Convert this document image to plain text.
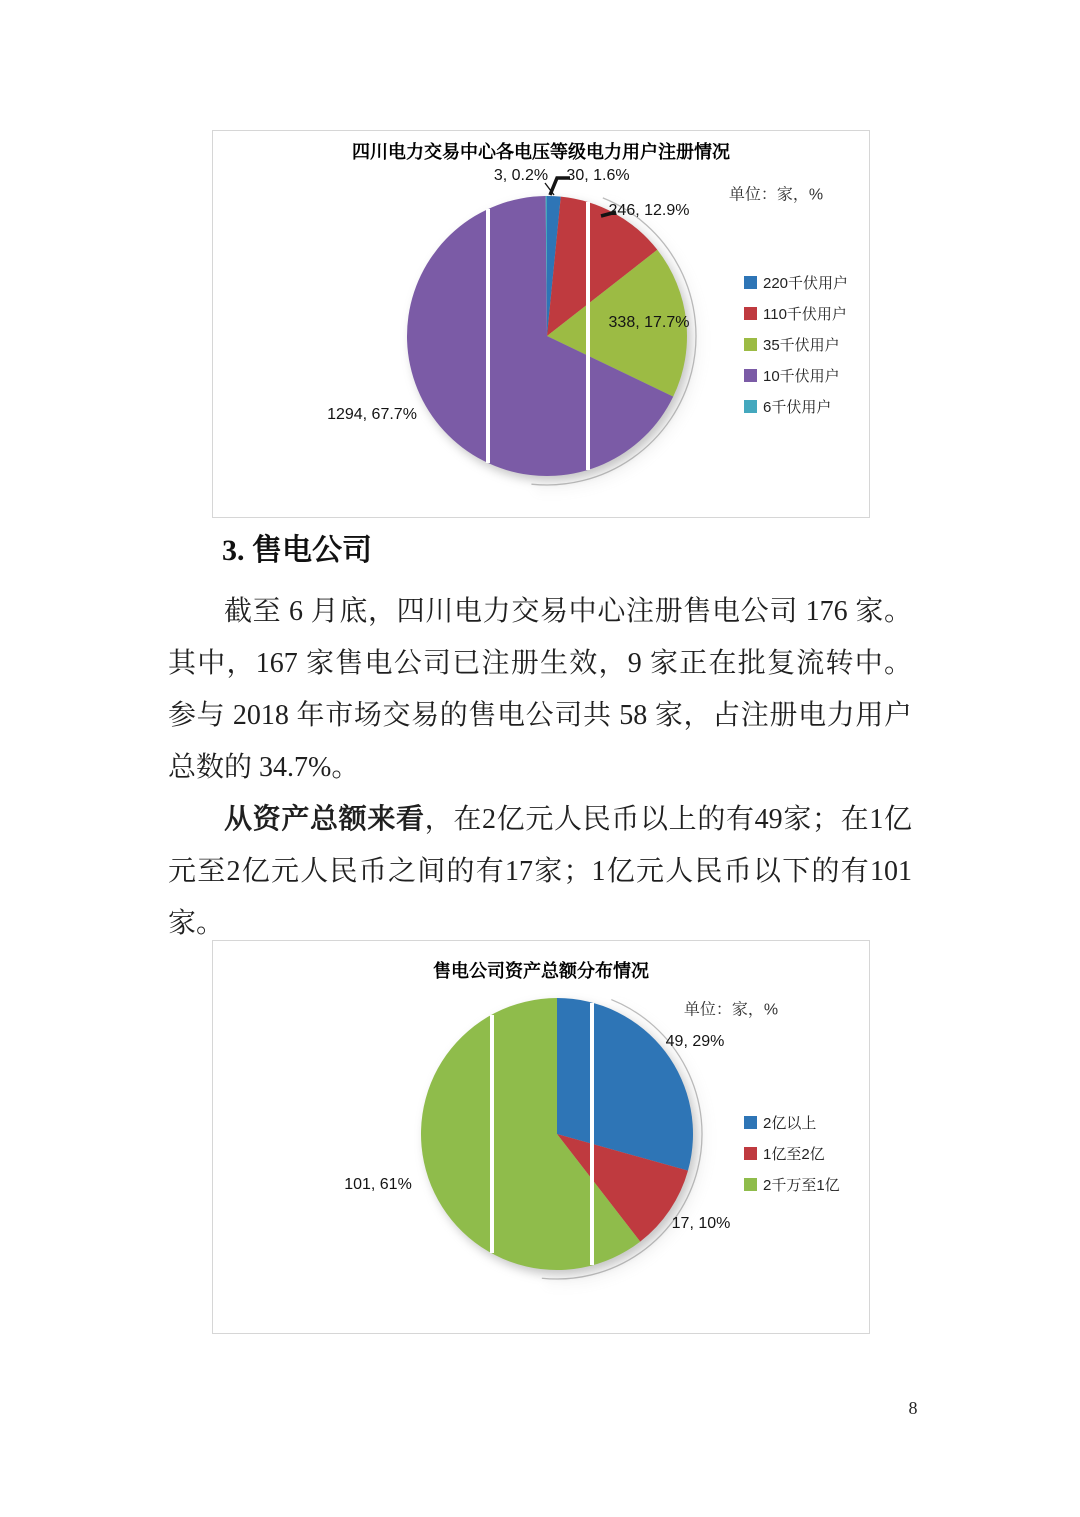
四川电力交易中心各电压等级电力用户注册情况
单位：家，%
3, 0.2% 30, 1.6%
246, 12.9%
338, 17.7%
1294, 67.7%
220千伏用户
110千伏用户
35千伏用户
10千伏用户
6千伏用户
3. 售电公司
截至 6 月底，四川电力交易中心注册售电公司 176 家。
其中，167 家售电公司已注册生效，9 家正在批复流转中。
参与 2018 年市场交易的售电公司共 58 家，占注册电力用户
总数的 34.7%。
从资产总额来看，在2亿元人民币以上的有49家；在1亿
元至2亿元人民币之间的有17家；1亿元人民币以下的有101
家。
售电公司资产总额分布情况
单位：家，%
49, 29%
101, 61%
17, 10%
2亿以上
1亿至2亿
2千万至1亿
8
